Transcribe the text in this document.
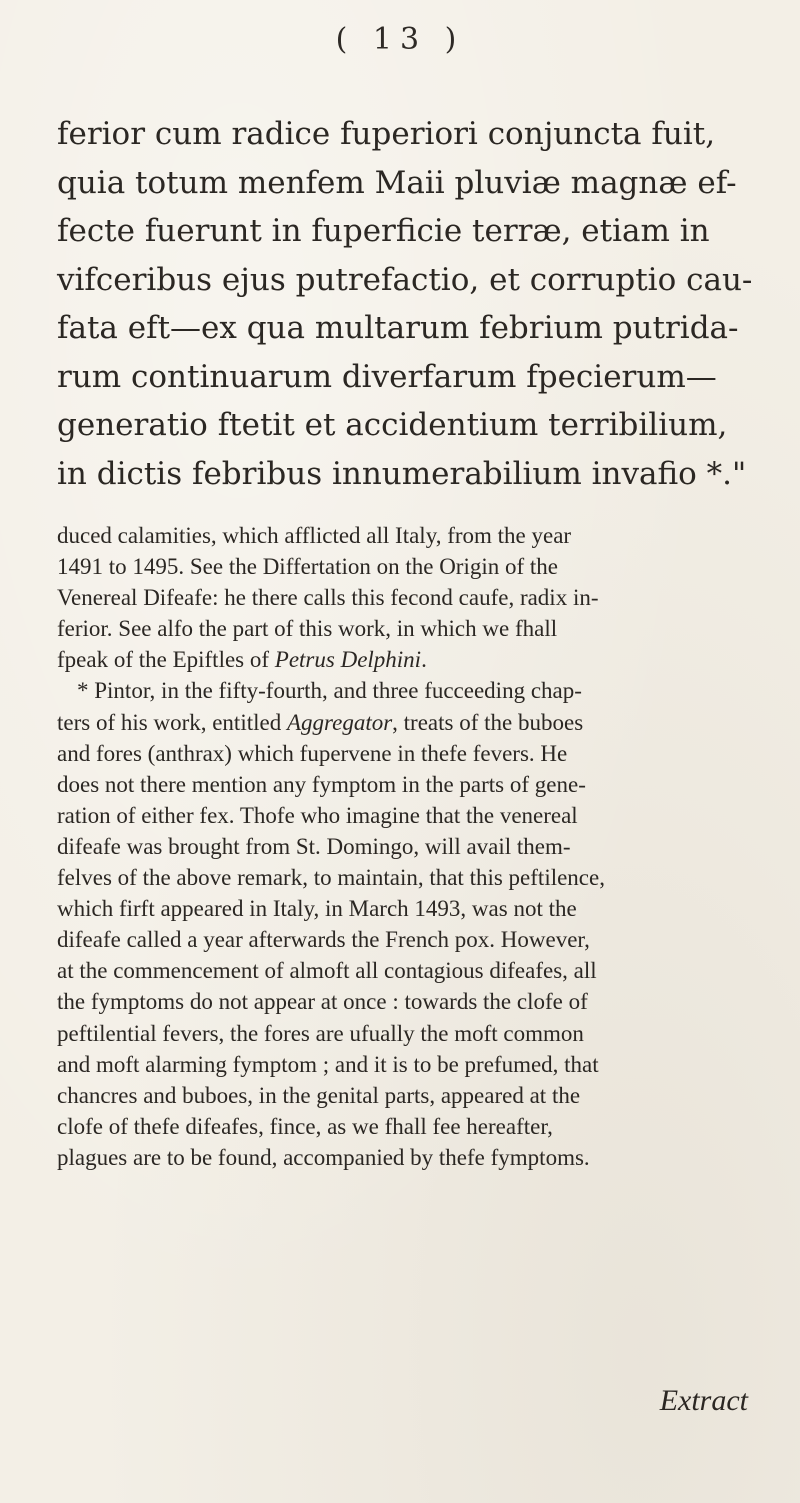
( 13 )
ferior cum radice fuperiori conjuncta fuit,
quia totum menfem Maii pluviæ magnæ ef-
fecte fuerunt in fuperficie terræ, etiam in
vifceribus ejus putrefactio, et corruptio cau-
fata eft—ex qua multarum febrium putrida-
rum continuarum diverfarum fpecierum—
generatio ftetit et accidentium terribilium,
in dictis febribus innumerabilium invafio *."
duced calamities, which afflicted all Italy, from the year
1491 to 1495. See the Differtation on the Origin of the
Venereal Difeafe: he there calls this fecond caufe, radix in-
ferior. See alfo the part of this work, in which we fhall
fpeak of the Epiftles of Petrus Delphini.
* Pintor, in the fifty-fourth, and three fucceeding chap-
ters of his work, entitled Aggregator, treats of the buboes
and fores (anthrax) which fupervene in thefe fevers. He
does not there mention any fymptom in the parts of gene-
ration of either fex. Thofe who imagine that the venereal
difeafe was brought from St. Domingo, will avail them-
felves of the above remark, to maintain, that this peftilence,
which firft appeared in Italy, in March 1493, was not the
difeafe called a year afterwards the French pox. However,
at the commencement of almoft all contagious difeafes, all
the fymptoms do not appear at once : towards the clofe of
peftilential fevers, the fores are ufually the moft common
and moft alarming fymptom ; and it is to be prefumed, that
chancres and buboes, in the genital parts, appeared at the
clofe of thefe difeafes, fince, as we fhall fee hereafter,
plagues are to be found, accompanied by thefe fymptoms.
Extract
